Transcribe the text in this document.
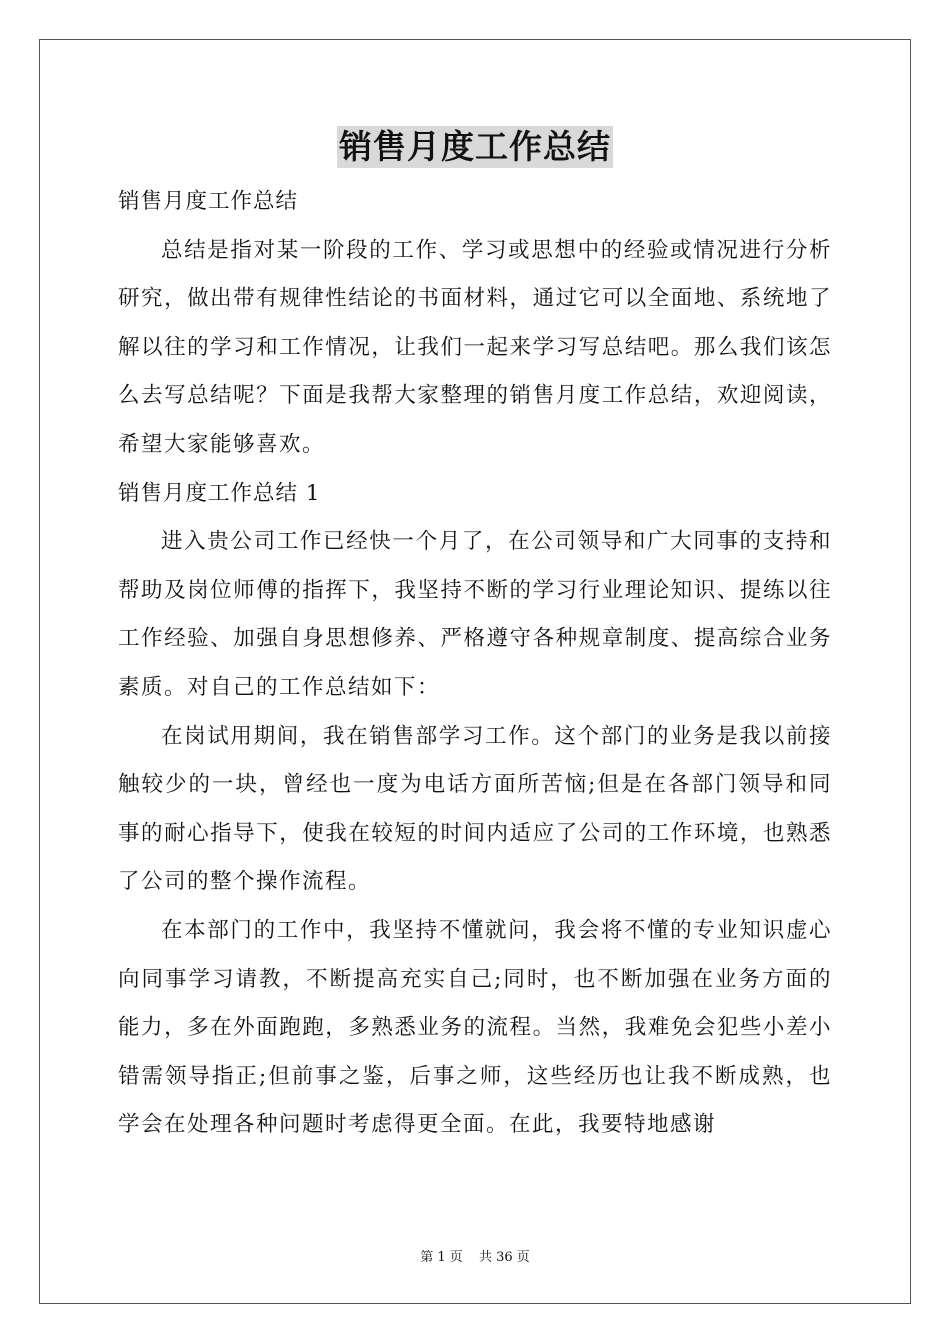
销售月度工作总结

销售月度工作总结

总结是指对某一阶段的工作、学习或思想中的经验或情况进行分析研究，做出带有规律性结论的书面材料，通过它可以全面地、系统地了解以往的学习和工作情况，让我们一起来学习写总结吧。那么我们该怎么去写总结呢？下面是我帮大家整理的销售月度工作总结，欢迎阅读，希望大家能够喜欢。

销售月度工作总结 1

进入贵公司工作已经快一个月了，在公司领导和广大同事的支持和帮助及岗位师傅的指挥下，我坚持不断的学习行业理论知识、提练以往工作经验、加强自身思想修养、严格遵守各种规章制度、提高综合业务素质。对自己的工作总结如下：

在岗试用期间，我在销售部学习工作。这个部门的业务是我以前接触较少的一块，曾经也一度为电话方面所苦恼;但是在各部门领导和同事的耐心指导下，使我在较短的时间内适应了公司的工作环境，也熟悉了公司的整个操作流程。

在本部门的工作中，我坚持不懂就问，我会将不懂的专业知识虚心向同事学习请教，不断提高充实自己;同时，也不断加强在业务方面的能力，多在外面跑跑，多熟悉业务的流程。当然，我难免会犯些小差小错需领导指正;但前事之鉴，后事之师，这些经历也让我不断成熟，也学会在处理各种问题时考虑得更全面。在此，我要特地感谢

第 1 页 共 36 页
